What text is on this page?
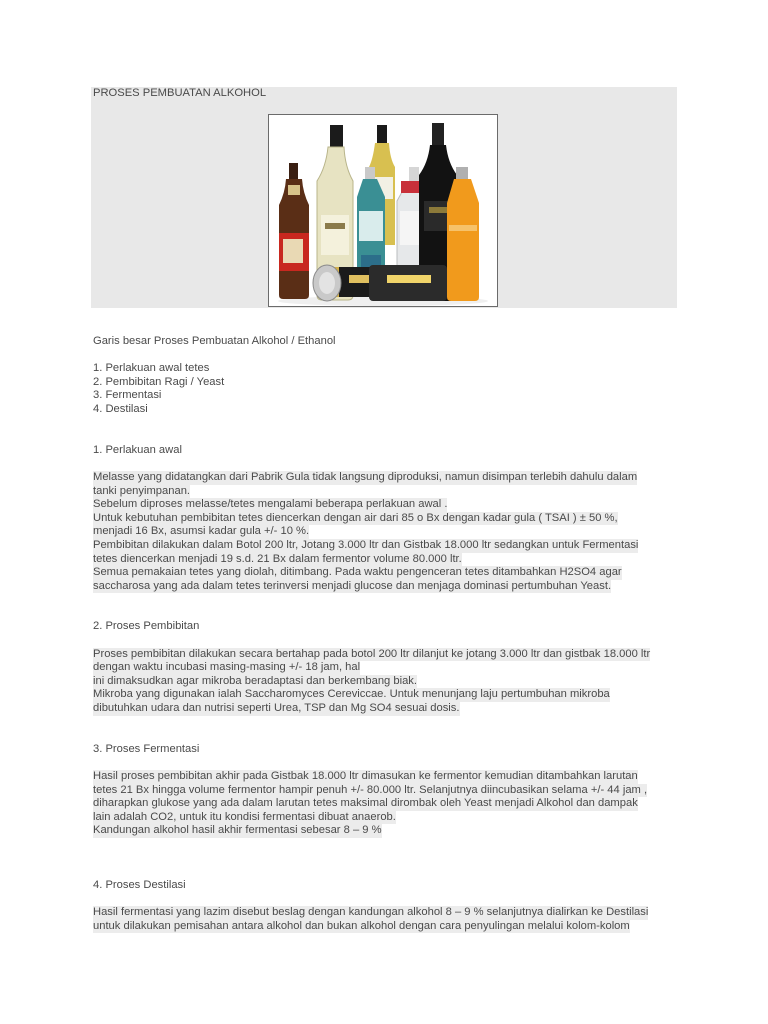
PROSES PEMBUATAN ALKOHOL
Garis besar Proses Pembuatan Alkohol / Ethanol
1. Perlakuan awal tetes
2. Pembibitan Ragi / Yeast
3. Fermentasi
4. Destilasi
1. Perlakuan awal
Melasse yang didatangkan dari Pabrik Gula tidak langsung diproduksi, namun disimpan terlebih dahulu dalam
tanki penyimpanan.
Sebelum diproses melasse/tetes mengalami beberapa perlakuan awal .
Untuk kebutuhan pembibitan tetes diencerkan dengan air dari 85 o Bx dengan kadar gula ( TSAI ) ± 50 %,
menjadi 16 Bx, asumsi kadar gula +/- 10 %.
Pembibitan dilakukan dalam Botol 200 ltr, Jotang 3.000 ltr dan Gistbak 18.000 ltr sedangkan untuk Fermentasi
tetes diencerkan menjadi 19 s.d. 21 Bx dalam fermentor volume 80.000 ltr.
Semua pemakaian tetes yang diolah, ditimbang. Pada waktu pengenceran tetes ditambahkan H2SO4 agar
saccharosa yang ada dalam tetes terinversi menjadi glucose dan menjaga dominasi pertumbuhan Yeast.

2. Proses Pembibitan
Proses pembibitan dilakukan secara bertahap pada botol 200 ltr dilanjut ke jotang 3.000 ltr dan gistbak 18.000 ltr
dengan waktu incubasi masing-masing +/- 18 jam, hal
ini dimaksudkan agar mikroba beradaptasi dan berkembang biak.
Mikroba yang digunakan ialah Saccharomyces Cereviccae. Untuk menunjang laju pertumbuhan mikroba
dibutuhkan udara dan nutrisi seperti Urea, TSP dan Mg SO4 sesuai dosis.

3. Proses Fermentasi
Hasil proses pembibitan akhir pada Gistbak 18.000 ltr dimasukan ke fermentor kemudian ditambahkan larutan
tetes 21 Bx hingga volume fermentor hampir penuh +/- 80.000 ltr. Selanjutnya diincubasikan selama +/- 44 jam ,
diharapkan glukose yang ada dalam larutan tetes maksimal dirombak oleh Yeast menjadi Alkohol dan dampak
lain adalah CO2, untuk itu kondisi fermentasi dibuat anaerob.
Kandungan alkohol hasil akhir fermentasi sebesar 8 – 9 %

4. Proses Destilasi
Hasil fermentasi yang lazim disebut beslag dengan kandungan alkohol 8 – 9 % selanjutnya dialirkan ke Destilasi
untuk dilakukan pemisahan antara alkohol dan bukan alkohol dengan cara penyulingan melalui kolom-kolom
